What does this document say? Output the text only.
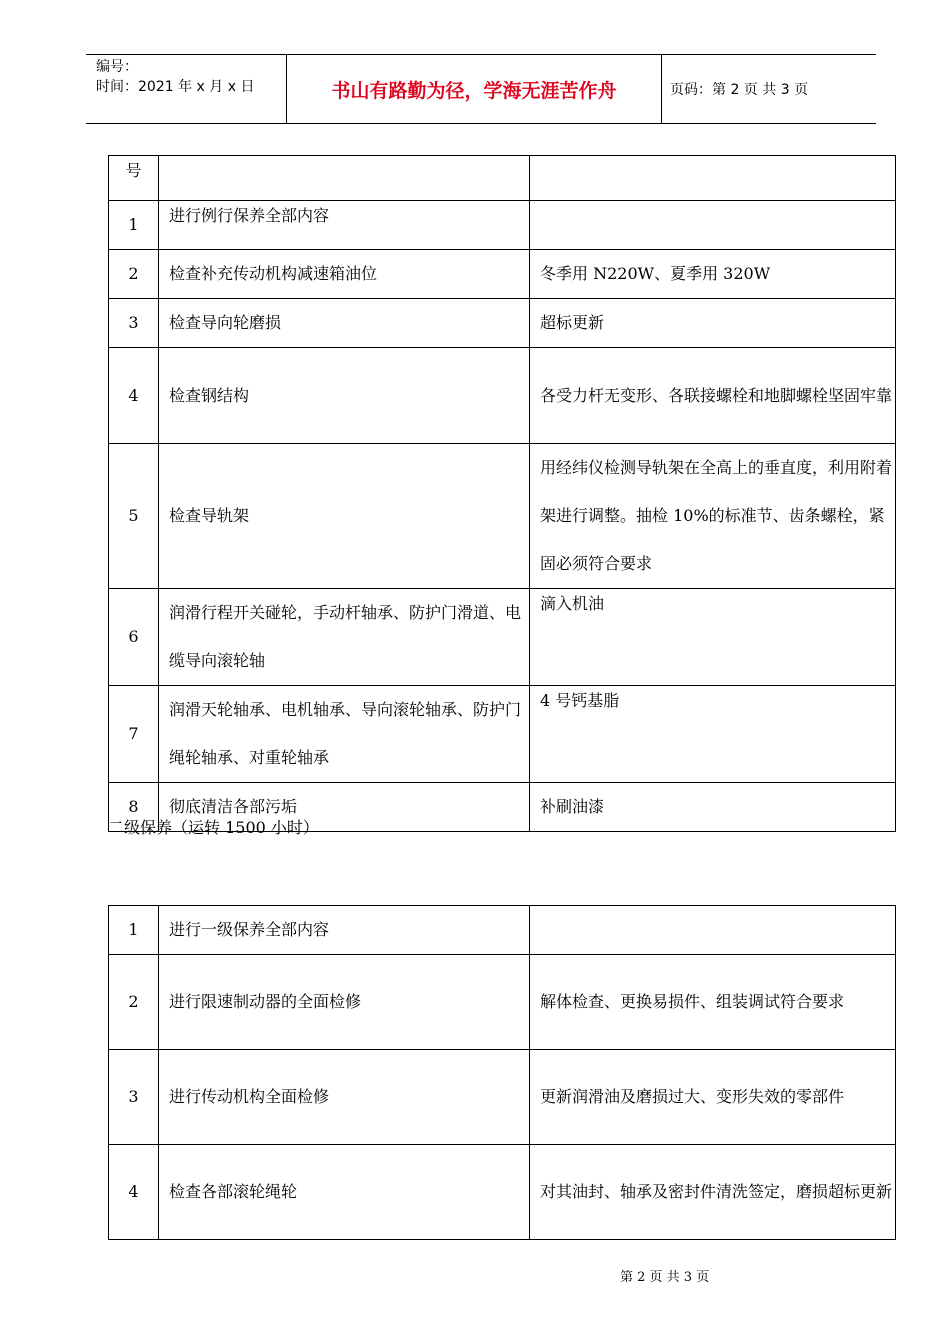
编号：
时间：2021 年 x 月 x 日	书山有路勤为径，学海无涯苦作舟	页码：第 2 页 共 3 页
号		
1	进行例行保养全部内容	
2	检查补充传动机构减速箱油位	冬季用 N220W、夏季用 320W
3	检查导向轮磨损	超标更新
4	检查钢结构	各受力杆无变形、各联接螺栓和地脚螺栓坚固牢靠
5	检查导轨架	用经纬仪检测导轨架在全高上的垂直度，利用附着架进行调整。抽检 10%的标准节、齿条螺栓，紧固必须符合要求
6	润滑行程开关碰轮，手动杆轴承、防护门滑道、电缆导向滚轮轴	滴入机油
7	润滑天轮轴承、电机轴承、导向滚轮轴承、防护门绳轮轴承、对重轮轴承	4 号钙基脂
8	彻底清洁各部污垢	补刷油漆
二级保养（运转 1500 小时）
1	进行一级保养全部内容	
2	进行限速制动器的全面检修	解体检查、更换易损件、组装调试符合要求
3	进行传动机构全面检修	更新润滑油及磨损过大、变形失效的零部件
4	检查各部滚轮绳轮	对其油封、轴承及密封件清洗签定，磨损超标更新
第 2 页 共 3 页
